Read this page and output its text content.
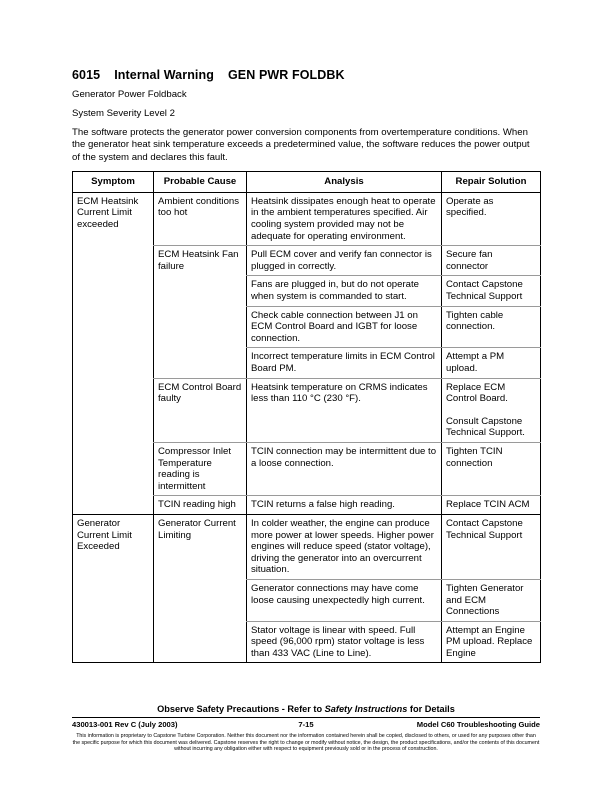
6015 Internal Warning GEN PWR FOLDBK
Generator Power Foldback
System Severity Level 2
The software protects the generator power conversion components from overtemperature conditions. When the generator heat sink temperature exceeds a predetermined value, the software reduces the power output of the system and declares this fault.
Symptom	Probable Cause	Analysis	Repair Solution
ECM Heatsink Current Limit exceeded	Ambient conditions too hot	Heatsink dissipates enough heat to operate in the ambient temperatures specified. Air cooling system provided may not be adequate for operating environment.	Operate as specified.
	ECM Heatsink Fan failure	Pull ECM cover and verify fan connector is plugged in correctly.	Secure fan connector
		Fans are plugged in, but do not operate when system is commanded to start.	Contact Capstone Technical Support
		Check cable connection between J1 on ECM Control Board and IGBT for loose connection.	Tighten cable connection.
		Incorrect temperature limits in ECM Control Board PM.	Attempt a PM upload.
	ECM Control Board faulty	Heatsink temperature on CRMS indicates less than 110 °C (230 °F).	Replace ECM Control Board.
Consult Capstone Technical Support.
	Compressor Inlet Temperature reading is intermittent	TCIN connection may be intermittent due to a loose connection.	Tighten TCIN connection
	TCIN reading high	TCIN returns a false high reading.	Replace TCIN ACM
Generator Current Limit Exceeded	Generator Current Limiting	In colder weather, the engine can produce more power at lower speeds. Higher power engines will reduce speed (stator voltage), driving the generator into an overcurrent situation.	Contact Capstone Technical Support
		Generator connections may have come loose causing unexpectedly high current.	Tighten Generator and ECM Connections
		Stator voltage is linear with speed. Full speed (96,000 rpm) stator voltage is less than 433 VAC (Line to Line).	Attempt an Engine PM upload. Replace Engine
Observe Safety Precautions - Refer to Safety Instructions for Details
430013-001 Rev C (July 2003)	7-15	Model C60 Troubleshooting Guide
This information is proprietary to Capstone Turbine Corporation. Neither this document nor the information contained herein shall be copied, disclosed to others, or used for any purposes other than the specific purpose for which this document was delivered. Capstone reserves the right to change or modify without notice, the design, the product specifications, and/or the contents of this document without incurring any obligation either with respect to equipment previously sold or in the process of construction.
